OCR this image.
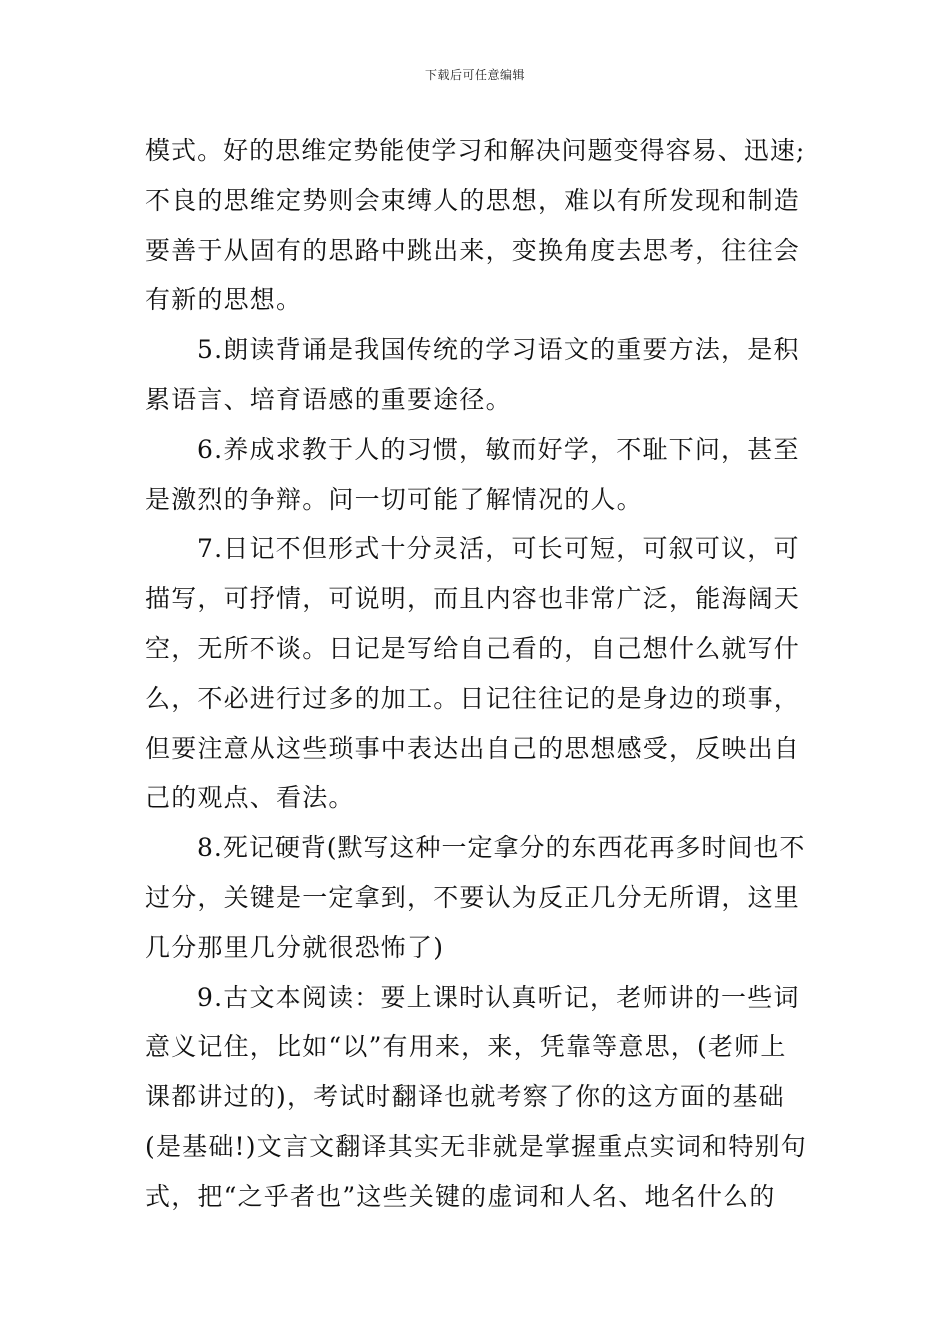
下载后可任意编辑
模式。好的思维定势能使学习和解决问题变得容易、迅速;
不良的思维定势则会束缚人的思想，难以有所发现和制造
要善于从固有的思路中跳出来，变换角度去思考，往往会
有新的思想。
5.朗读背诵是我国传统的学习语文的重要方法，是积
累语言、培育语感的重要途径。
6.养成求教于人的习惯，敏而好学，不耻下问，甚至
是激烈的争辩。问一切可能了解情况的人。
7.日记不但形式十分灵活，可长可短，可叙可议，可
描写，可抒情，可说明，而且内容也非常广泛，能海阔天
空，无所不谈。日记是写给自己看的，自己想什么就写什
么，不必进行过多的加工。日记往往记的是身边的琐事，
但要注意从这些琐事中表达出自己的思想感受，反映出自
己的观点、看法。
8.死记硬背(默写这种一定拿分的东西花再多时间也不
过分，关键是一定拿到，不要认为反正几分无所谓，这里
几分那里几分就很恐怖了)
9.古文本阅读：要上课时认真听记，老师讲的一些词
意义记住，比如“以”有用来，来，凭靠等意思，(老师上
课都讲过的)，考试时翻译也就考察了你的这方面的基础
(是基础!)文言文翻译其实无非就是掌握重点实词和特别句
式，把“之乎者也”这些关键的虚词和人名、地名什么的
